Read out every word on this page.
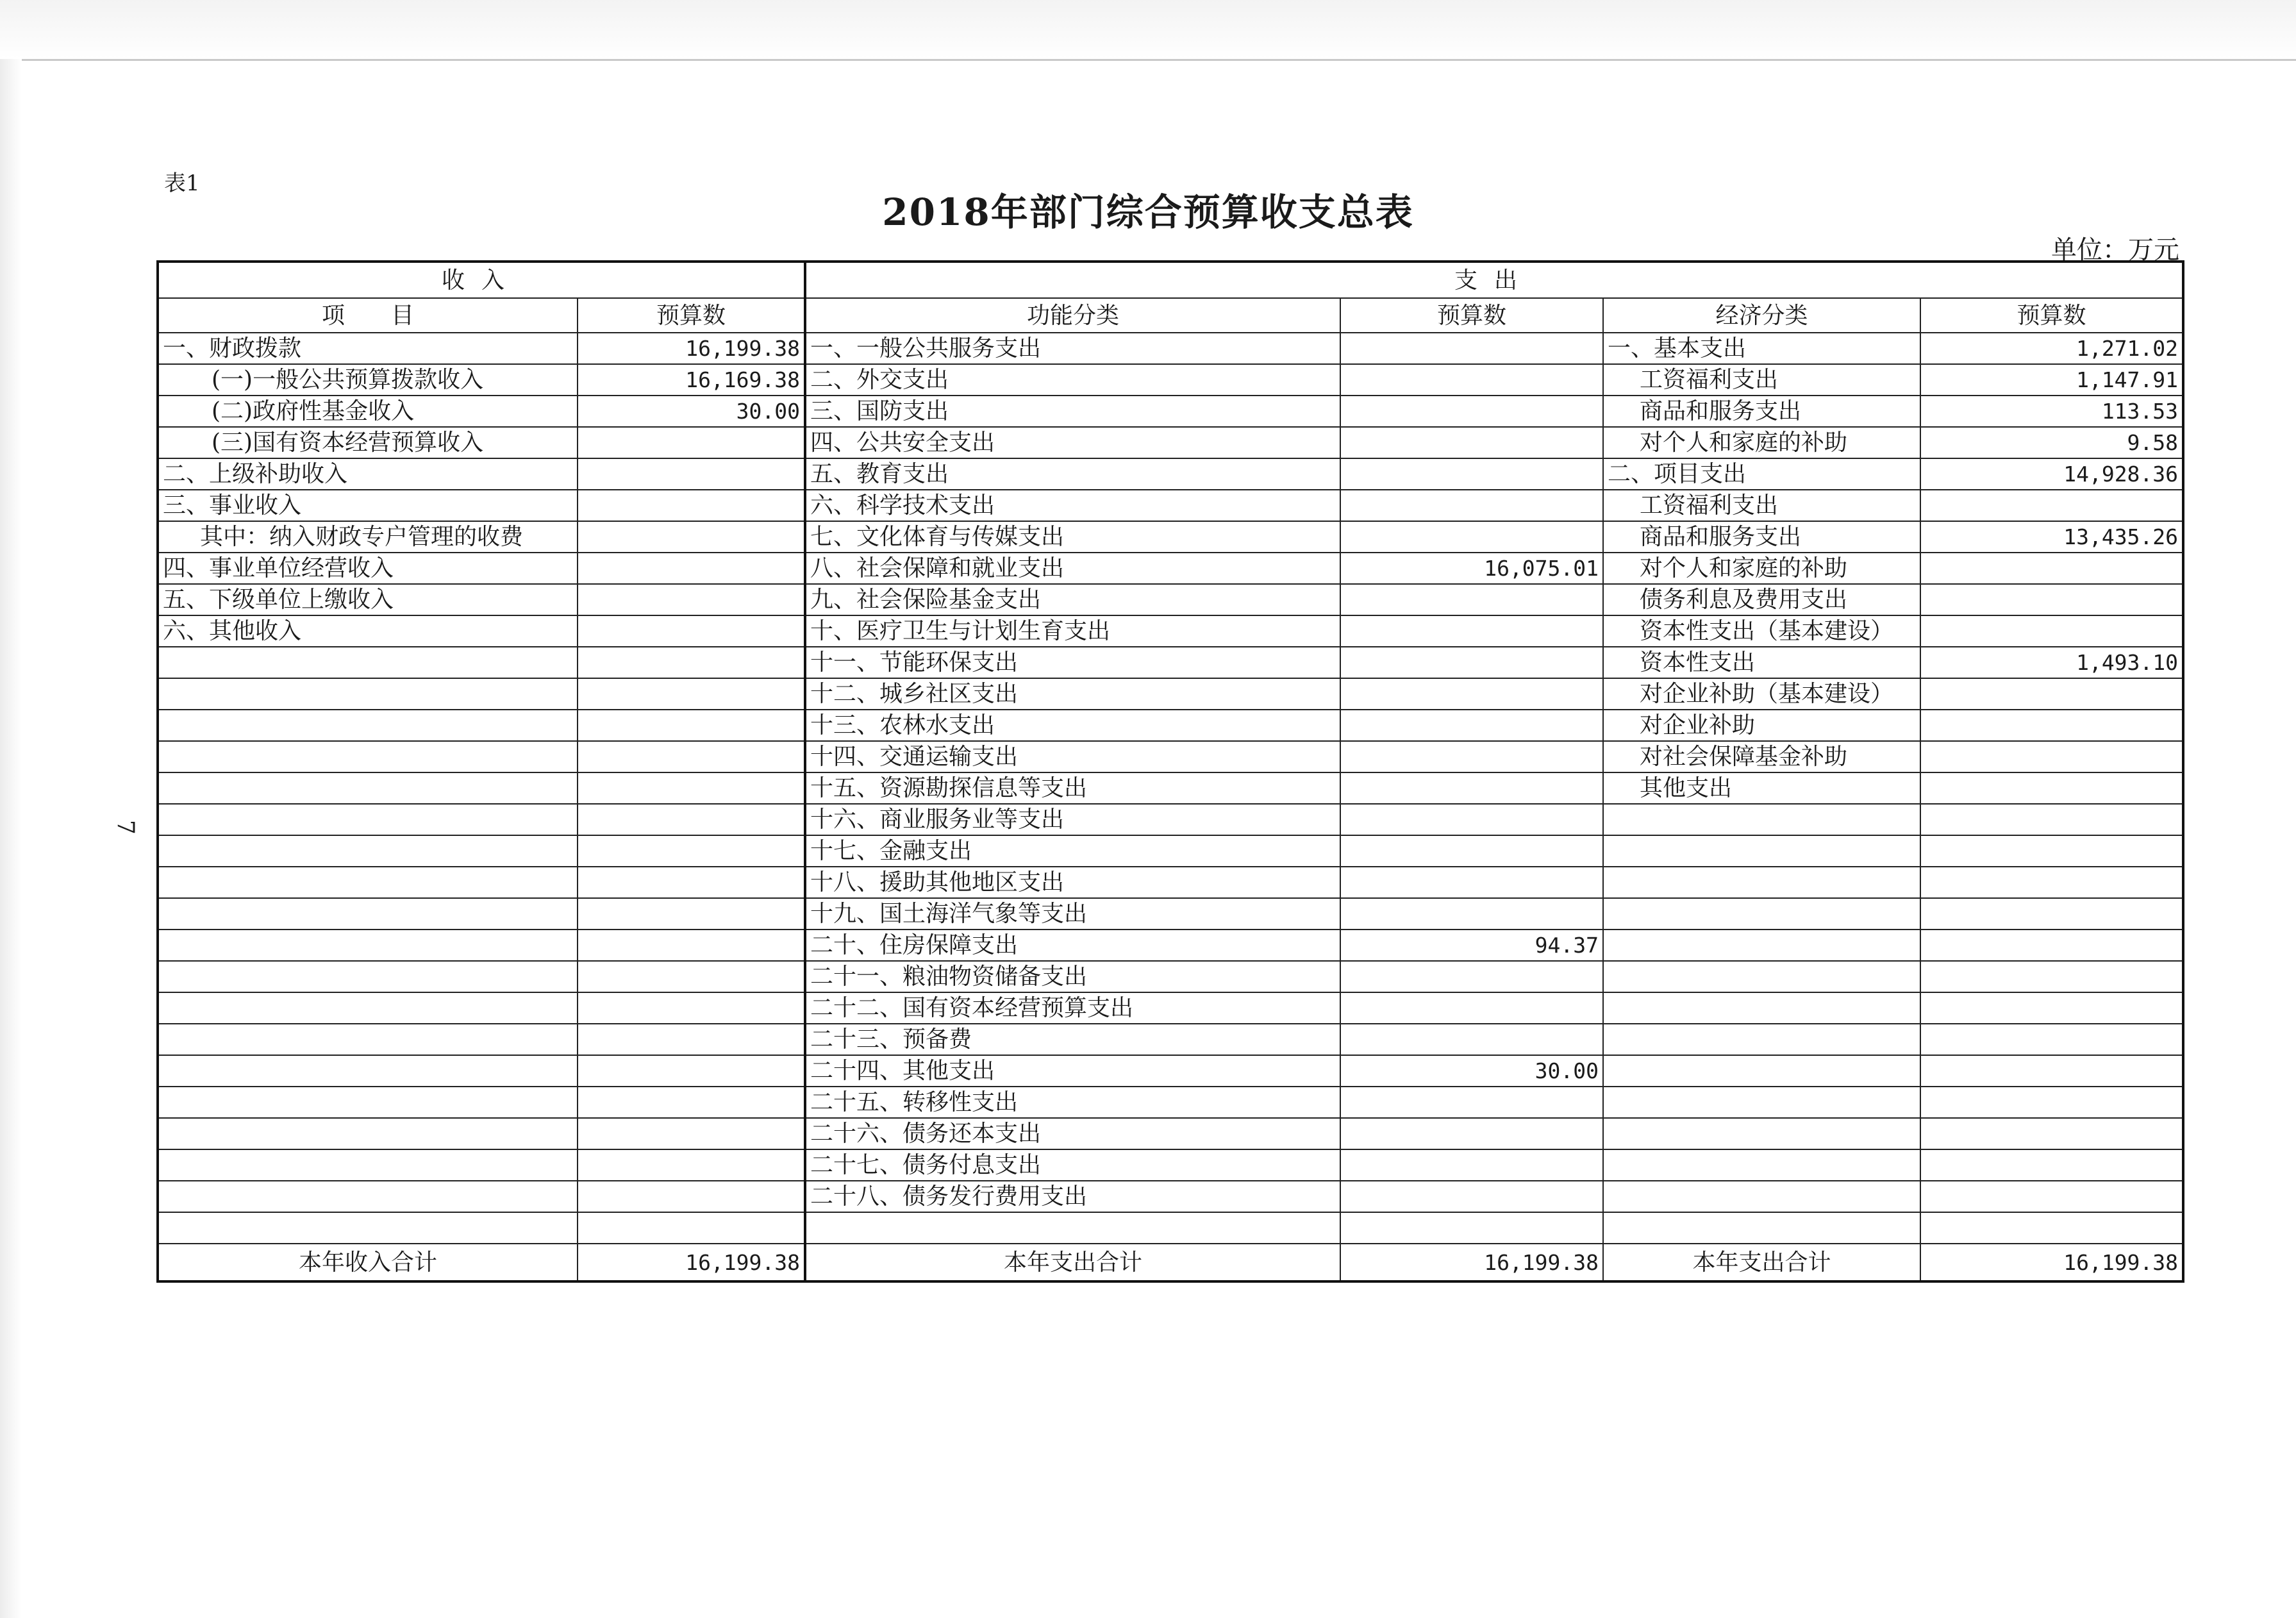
表1
2018年部门综合预算收支总表
单位：万元
7
收入		支出			
项　　目	预算数	功能分类	预算数	经济分类	预算数
一、财政拨款	16,199.38	一、一般公共服务支出		一、基本支出	1,271.02
(一)一般公共预算拨款收入	16,169.38	二、外交支出		工资福利支出	1,147.91
(二)政府性基金收入	30.00	三、国防支出		商品和服务支出	113.53
(三)国有资本经营预算收入		四、公共安全支出		对个人和家庭的补助	9.58
二、上级补助收入		五、教育支出		二、项目支出	14,928.36
三、事业收入		六、科学技术支出		工资福利支出	
其中：纳入财政专户管理的收费		七、文化体育与传媒支出		商品和服务支出	13,435.26
四、事业单位经营收入		八、社会保障和就业支出	16,075.01	对个人和家庭的补助	
五、下级单位上缴收入		九、社会保险基金支出		债务利息及费用支出	
六、其他收入		十、医疗卫生与计划生育支出		资本性支出（基本建设）	
		十一、节能环保支出		资本性支出	1,493.10
		十二、城乡社区支出		对企业补助（基本建设）	
		十三、农林水支出		对企业补助	
		十四、交通运输支出		对社会保障基金补助	
		十五、资源勘探信息等支出		其他支出	
		十六、商业服务业等支出			
		十七、金融支出			
		十八、援助其他地区支出			
		十九、国土海洋气象等支出			
		二十、住房保障支出	94.37		
		二十一、粮油物资储备支出			
		二十二、国有资本经营预算支出			
		二十三、预备费			
		二十四、其他支出	30.00		
		二十五、转移性支出			
		二十六、债务还本支出			
		二十七、债务付息支出			
		二十八、债务发行费用支出			

本年收入合计	16,199.38	本年支出合计	16,199.38	本年支出合计	16,199.38
